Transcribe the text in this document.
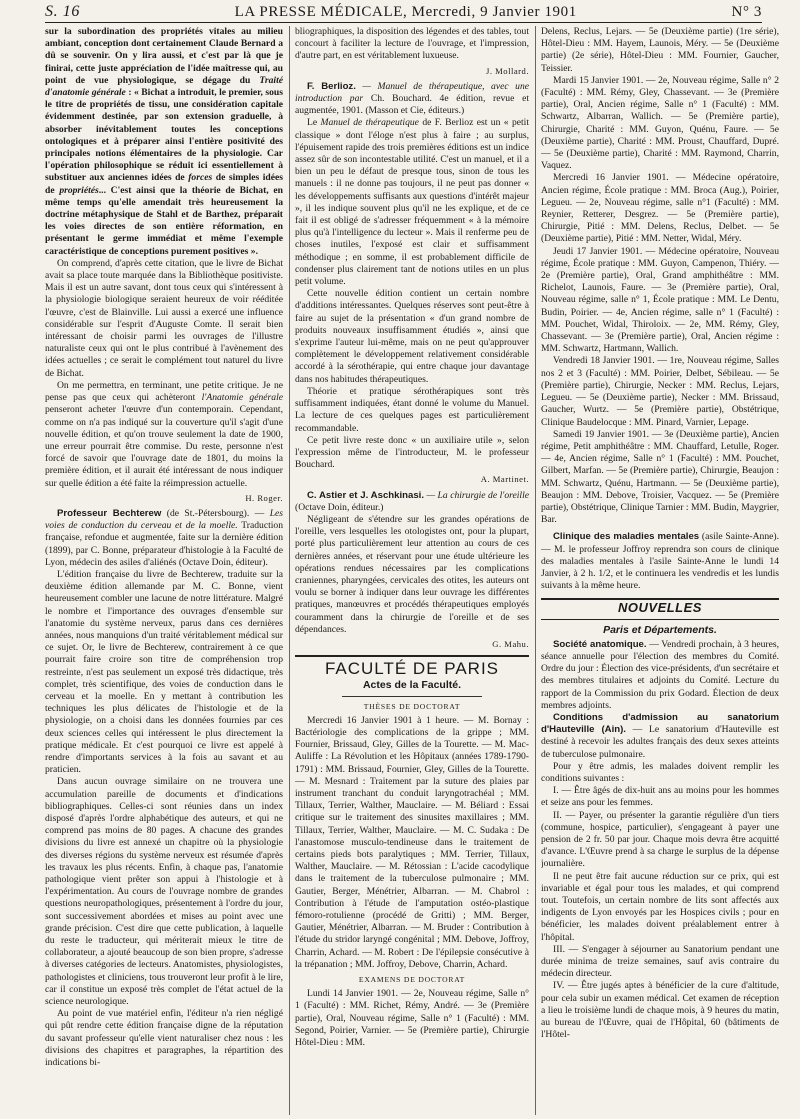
S. 16	LA PRESSE MÉDICALE, Mercredi, 9 Janvier 1901	N° 3

sur la subordination des propriétés vitales au milieu ambiant, conception dont certainement Claude Bernard a dû se souvenir. On y lira aussi, et c'est par là que je finirai, cette juste appréciation de l'idée maîtresse qui, au point de vue physiologique, se dégage du Traité d'anatomie générale : « Bichat a introduit, le premier, sous le titre de propriétés de tissu, une considération capitale évidemment destinée, par son extension graduelle, à absorber inévitablement toutes les conceptions ontologiques et à préparer ainsi l'entière positivité des principales notions élémentaires de la physiologie. Car l'opération philosophique se réduit ici essentiellement à substituer aux anciennes idées de forces de simples idées de propriétés... C'est ainsi que la théorie de Bichat, en même temps qu'elle amendait très heureusement la doctrine métaphysique de Stahl et de Barthez, préparait les voies directes de son entière réformation, en présentant le germe immédiat et même l'exemple caractéristique de conceptions purement positives ».

On comprend, d'après cette citation, que le livre de Bichat avait sa place toute marquée dans la Bibliothèque positiviste. Mais il est un autre savant, dont tous ceux qui s'intéressent à la physiologie biologique seraient heureux de voir rééditée l'œuvre, c'est de Blainville. Lui aussi a exercé une influence considérable sur l'esprit d'Auguste Comte. Il serait bien intéressant de choisir parmi les ouvrages de l'illustre naturaliste ceux qui ont le plus contribué à l'avènement des idées actuelles ; ce serait le complément tout naturel du livre de Bichat.

On me permettra, en terminant, une petite critique. Je ne pense pas que ceux qui achèteront l'Anatomie générale penseront acheter l'œuvre d'un contemporain. Cependant, comme on n'a pas indiqué sur la couverture qu'il s'agit d'une nouvelle édition, et qu'on trouve seulement la date de 1900, une erreur pourrait être commise. Du reste, personne n'est forcé de savoir que l'ouvrage date de 1801, du moins la première édition, et il aurait été intéressant de nous indiquer sur quelle édition a été faite la réimpression actuelle.

H. Roger.

Professeur Bechterew (de St.-Pétersbourg). — Les voies de conduction du cerveau et de la moelle. Traduction française, refondue et augmentée, faite sur la dernière édition (1899), par C. Bonne, préparateur d'histologie à la Faculté de Lyon, médecin des asiles d'aliénés (Octave Doin, éditeur).

L'édition française du livre de Bechterew, traduite sur la deuxième édition allemande par M. C. Bonne, vient heureusement combler une lacune de notre littérature. Malgré le nombre et l'importance des ouvrages d'ensemble sur l'anatomie du système nerveux, parus dans ces dernières années, nous manquions d'un traité véritablement médical sur ce sujet. Or, le livre de Bechterew, contrairement à ce que pourrait faire croire son titre de compréhension trop restreinte, n'est pas seulement un exposé très didactique, très complet, très scientifique, des voies de conduction dans le cerveau et la moelle. En y mettant à contribution les techniques les plus délicates de l'histologie et de la physiologie, on a choisi dans les données fournies par ces deux sciences celles qui intéressent le plus directement la pratique médicale. Et c'est pourquoi ce livre est appelé à rendre d'importants services à la fois au savant et au praticien.

Dans aucun ouvrage similaire on ne trouvera une accumulation pareille de documents et d'indications bibliographiques. Celles-ci sont réunies dans un index disposé d'après l'ordre alphabétique des auteurs, et qui ne comprend pas moins de 80 pages. A chacune des grandes divisions du livre est annexé un chapitre où la physiologie des diverses régions du système nerveux est résumée d'après les travaux les plus récents. Enfin, à chaque pas, l'anatomie pathologique vient prêter son appui à l'histologie et à l'expérimentation. Au cours de l'ouvrage nombre de grandes questions neuropathologiques, présentement à l'ordre du jour, sont successivement abordées et mises au point avec une grande précision. C'est dire que cette publication, à laquelle du reste le traducteur, qui mériterait mieux le titre de collaborateur, a ajouté beaucoup de son bien propre, s'adresse à diverses catégories de lecteurs. Anatomistes, physiologistes, pathologistes et cliniciens, tous trouveront leur profit à le lire, car il constitue un exposé très complet de l'état actuel de la science neurologique.

Au point de vue matériel enfin, l'éditeur n'a rien négligé qui pût rendre cette édition française digne de la réputation du savant professeur qu'elle vient naturaliser chez nous : les divisions des chapitres et paragraphes, la répartition des indications bi-

bliographiques, la disposition des légendes et des tables, tout concourt à faciliter la lecture de l'ouvrage, et l'impression, d'autre part, en est véritablement luxueuse.

J. Mollard.

F. Berlioz. — Manuel de thérapeutique, avec une introduction par Ch. Bouchard. 4e édition, revue et augmentée, 1901. (Masson et Cie, éditeurs.)

Le Manuel de thérapeutique de F. Berlioz est un « petit classique » dont l'éloge n'est plus à faire ; au surplus, l'épuisement rapide des trois premières éditions est un indice assez sûr de son incontestable utilité. C'est un manuel, et il a bien un peu le défaut de presque tous, sinon de tous les manuels : il ne donne pas toujours, il ne peut pas donner « les développements suffisants aux questions d'intérêt majeur », il les indique souvent plus qu'il ne les explique, et de ce fait il est obligé de s'adresser fréquemment « à la mémoire plus qu'à l'intelligence du lecteur ». Mais il renferme peu de choses inutiles, l'exposé est clair et suffisamment méthodique ; en somme, il est probablement difficile de condenser plus clairement tant de notions utiles en un plus petit volume.

Cette nouvelle édition contient un certain nombre d'additions intéressantes. Quelques réserves sont peut-être à faire au sujet de la présentation « d'un grand nombre de produits nouveaux insuffisamment étudiés », ainsi que s'exprime l'auteur lui-même, mais on ne peut qu'approuver complètement le développement relativement considérable accordé à la sérothérapie, qui entre chaque jour davantage dans nos habitudes thérapeutiques.

Théorie et pratique sérothérapiques sont très suffisamment indiquées, étant donné le volume du Manuel. La lecture de ces quelques pages est particulièrement recommandable.

Ce petit livre reste donc « un auxiliaire utile », selon l'expression même de l'introducteur, M. le professeur Bouchard.

A. Martinet.

C. Astier et J. Aschkinasi. — La chirurgie de l'oreille (Octave Doin, éditeur.)

Négligeant de s'étendre sur les grandes opérations de l'oreille, vers lesquelles les otologistes ont, pour la plupart, porté plus particulièrement leur attention au cours de ces dernières années, et réservant pour une étude ultérieure les opérations rendues nécessaires par les complications craniennes, pharyngées, cervicales des otites, les auteurs ont voulu se borner à indiquer dans leur ouvrage les différentes pratiques, manœuvres et procédés thérapeutiques employés couramment dans la chirurgie de l'oreille et de ses dépendances.

G. Mahu.
FACULTÉ DE PARIS
Actes de la Faculté.
THÈSES DE DOCTORAT

Mercredi 16 Janvier 1901 à 1 heure. — M. Bornay : Bactériologie des complications de la grippe ; MM. Fournier, Brissaud, Gley, Gilles de la Tourette. — M. Mac-Auliffe : La Révolution et les Hôpitaux (années 1789-1790-1791) : MM. Brissaud, Fournier, Gley, Gilles de la Tourette. — M. Mesnard : Traitement par la suture des plaies par instrument tranchant du conduit laryngotrachéal ; MM. Tillaux, Terrier, Walther, Mauclaire. — M. Béliard : Essai critique sur le traitement des sinusites maxillaires ; MM. Tillaux, Terrier, Walther, Mauclaire. — M. C. Sudaka : De l'anastomose musculo-tendineuse dans le traitement de certains pieds bots paralytiques ; MM. Terrier, Tillaux, Walther, Mauclaire. — M. Rétossian : L'acide cacodylique dans le traitement de la tuberculose pulmonaire ; MM. Gautier, Berger, Ménétrier, Albarran. — M. Chabrol : Contribution à l'étude de l'amputation ostéo-plastique fémoro-rotulienne (procédé de Gritti) ; MM. Berger, Gautier, Ménétrier, Albarran. — M. Bruder : Contribution à l'étude du stridor laryngé congénital ; MM. Debove, Joffroy, Charrin, Achard. — M. Robert : De l'épilepsie consécutive à la trépanation ; MM. Joffroy, Debove, Charrin, Achard.

EXAMENS DE DOCTORAT

Lundi 14 Janvier 1901. — 2e, Nouveau régime, Salle n° 1 (Faculté) : MM. Richet, Rémy, André. — 3e (Première partie), Oral, Nouveau régime, Salle n° 1 (Faculté) : MM. Segond, Poirier, Varnier. — 5e (Première partie), Chirurgie Hôtel-Dieu : MM.

Delens, Reclus, Lejars. — 5e (Deuxième partie) (1re série), Hôtel-Dieu : MM. Hayem, Launois, Méry. — 5e (Deuxième partie) (2e série), Hôtel-Dieu : MM. Fournier, Gaucher, Teissier.

Mardi 15 Janvier 1901. — 2e, Nouveau régime, Salle n° 2 (Faculté) : MM. Rémy, Gley, Chassevant. — 3e (Première partie), Oral, Ancien régime, Salle n° 1 (Faculté) : MM. Schwartz, Albarran, Wallich. — 5e (Première partie), Chirurgie, Charité : MM. Guyon, Quénu, Faure. — 5e (Deuxième partie), Charité : MM. Proust, Chauffard, Dupré. — 5e (Deuxième partie), Charité : MM. Raymond, Charrin, Vaquez.

Mercredi 16 Janvier 1901. — Médecine opératoire, Ancien régime, École pratique : MM. Broca (Aug.), Poirier, Legueu. — 2e, Nouveau régime, salle n°1 (Faculté) : MM. Reynier, Retterer, Desgrez. — 5e (Première partie), Chirurgie, Pitié : MM. Delens, Reclus, Delbet. — 5e (Deuxième partie), Pitié : MM. Netter, Widal, Méry.

Jeudi 17 Janvier 1901. — Médecine opératoire, Nouveau régime, École pratique : MM. Guyon, Campenon, Thiéry. — 2e (Première partie), Oral, Grand amphithéâtre : MM. Richelot, Launois, Faure. — 3e (Première partie), Oral, Nouveau régime, salle n° 1, École pratique : MM. Le Dentu, Budin, Poirier. — 4e, Ancien régime, salle n° 1 (Faculté) : MM. Pouchet, Widal, Thiroloix. — 2e, MM. Rémy, Gley, Chassevant. — 3e (Première partie), Oral, Ancien régime : MM. Schwartz, Hartmann, Wallich.

Vendredi 18 Janvier 1901. — 1re, Nouveau régime, Salles nos 2 et 3 (Faculté) : MM. Poirier, Delbet, Sébileau. — 5e (Première partie), Chirurgie, Necker : MM. Reclus, Lejars, Legueu. — 5e (Deuxième partie), Necker : MM. Brissaud, Gaucher, Wurtz. — 5e (Première partie), Obstétrique, Clinique Baudelocque : MM. Pinard, Varnier, Lepage.

Samedi 19 Janvier 1901. — 3e (Deuxième partie), Ancien régime, Petit amphithéâtre : MM. Chauffard, Letulle, Roger. — 4e, Ancien régime, Salle n° 1 (Faculté) : MM. Pouchet, Gilbert, Marfan. — 5e (Première partie), Chirurgie, Beaujon : MM. Schwartz, Quénu, Hartmann. — 5e (Deuxième partie), Beaujon : MM. Debove, Troisier, Vacquez. — 5e (Première partie), Obstétrique, Clinique Tarnier : MM. Budin, Maygrier, Bar.

Clinique des maladies mentales (asile Sainte-Anne). — M. le professeur Joffroy reprendra son cours de clinique des maladies mentales à l'asile Sainte-Anne le lundi 14 Janvier, à 2 h. 1/2, et le continuera les vendredis et les lundis suivants à la même heure.

NOUVELLES
Paris et Départements.

Société anatomique. — Vendredi prochain, à 3 heures, séance annuelle pour l'élection des membres du Comité. Ordre du jour : Élection des vice-présidents, d'un secrétaire et des membres titulaires et adjoints du Comité. Lecture du rapport de la Commission du prix Godard. Élection de deux membres adjoints.

Conditions d'admission au sanatorium d'Hauteville (Ain). — Le sanatorium d'Hauteville est destiné à recevoir les adultes français des deux sexes atteints de tuberculose pulmonaire.

Pour y être admis, les malades doivent remplir les conditions suivantes :

I. — Être âgés de dix-huit ans au moins pour les hommes et seize ans pour les femmes.

II. — Payer, ou présenter la garantie régulière d'un tiers (commune, hospice, particulier), s'engageant à payer une pension de 2 fr. 50 par jour. Chaque mois devra être acquitté d'avance. L'Œuvre prend à sa charge le surplus de la dépense journalière.

Il ne peut être fait aucune réduction sur ce prix, qui est invariable et égal pour tous les malades, et qui comprend tout. Toutefois, un certain nombre de lits sont affectés aux indigents de Lyon envoyés par les Hospices civils ; pour en bénéficier, les malades doivent préalablement entrer à l'hôpital.

III. — S'engager à séjourner au Sanatorium pendant une durée minima de treize semaines, sauf avis contraire du médecin directeur.

IV. — Être jugés aptes à bénéficier de la cure d'altitude, pour cela subir un examen médical. Cet examen de réception a lieu le troisième lundi de chaque mois, à 9 heures du matin, au bureau de l'Œuvre, quai de l'Hôpital, 60 (bâtiments de l'Hôtel-
